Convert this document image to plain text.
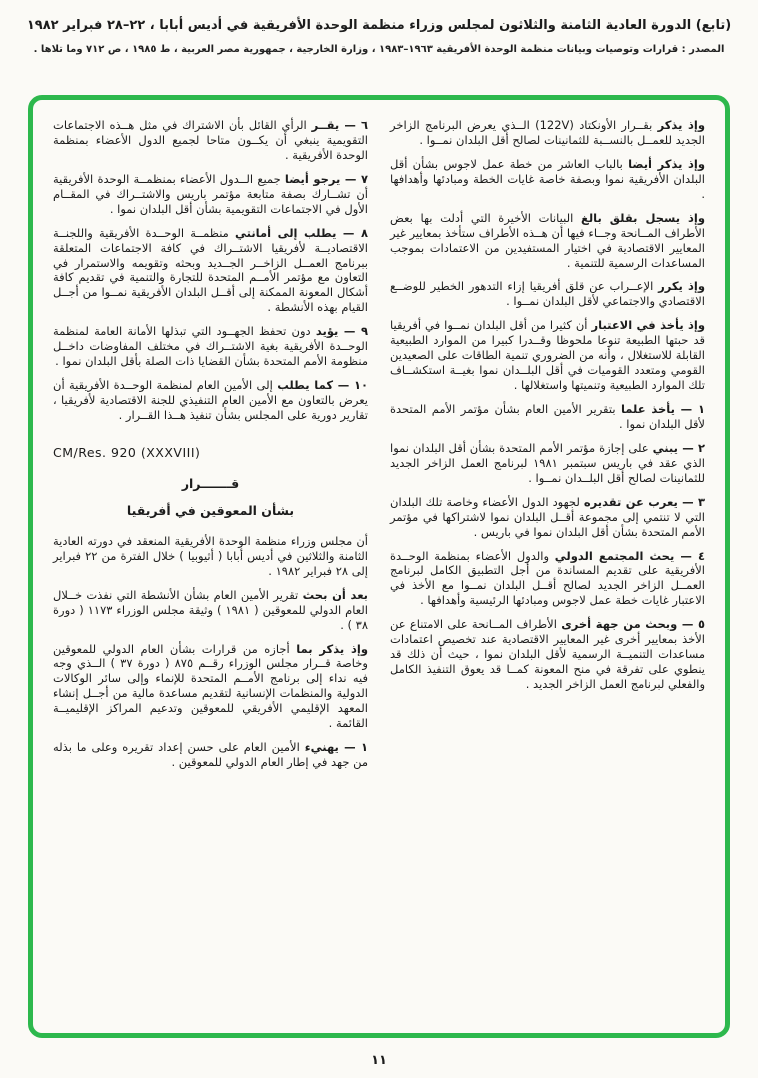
(تابع) الدورة العادية الثامنة والثلاثون لمجلس وزراء منظمة الوحدة الأفريقية في أديس أبابا ، ٢٢–٢٨ فبراير ١٩٨٢
المصدر : قرارات وتوصيات وبيانات منظمة الوحدة الأفريقية ١٩٦٣–١٩٨٣ ، وزارة الخارجية ، جمهورية مصر العربية ، ط ١٩٨٥ ، ص ٧١٢ وما تلاها .

وإذ يذكر بقــرار الأونكتاد (122V) الــذي يعرض البرنامج الزاخر الجديد للعمــل بالنســبة للثمانينات لصالح أقل البلدان نمــوا .

وإذ يذكر أيضا بالباب العاشر من خطة عمل لاجوس بشأن أقل البلدان الأفريقية نموا وبصفة خاصة غايات الخطة ومبادئها وأهدافها .

وإذ يسجل بقلق بالغ البيانات الأخيرة التي أدلت بها بعض الأطراف المــانحة وجــاء فيها أن هــذه الأطراف ستأخذ بمعايير غير المعايير الاقتصادية في اختيار المستفيدين من الاعتمادات بموجب المساعدات الرسمية للتنمية .

وإذ يكرر الإعــراب عن قلق أفريقيا إزاء التدهور الخطير للوضــع الاقتصادي والاجتماعي لأقل البلدان نمــوا .

وإذ يأخذ في الاعتبار أن كثيرا من أقل البلدان نمــوا في أفريقيا قد حبتها الطبيعة تنوعا ملحوظا وقــدرا كبيرا من الموارد الطبيعية القابلة للاستغلال ، وأنه من الضروري تنمية الطاقات على الصعيدين القومي ومتعدد القوميات في أقل البلــدان نموا بغيــة استكشــاف تلك الموارد الطبيعية وتنميتها واستغلالها .

١ — يأخذ علما بتقرير الأمين العام بشأن مؤتمر الأمم المتحدة لأقل البلدان نموا .

٢ — يبني على إجازة مؤتمر الأمم المتحدة بشأن أقل البلدان نموا الذي عقد في باريس سبتمبر ١٩٨١ لبرنامج العمل الزاخر الجديد للثمانينات لصالح أقل البلــدان نمــوا .

٣ — يعرب عن تقديره لجهود الدول الأعضاء وخاصة تلك البلدان التي لا تنتمي إلى مجموعة أقــل البلدان نموا لاشتراكها في مؤتمر الأمم المتحدة بشأن أقل البلدان نموا في باريس .

٤ — يحث المجتمع الدولي والدول الأعضاء بمنظمة الوحــدة الأفريقية على تقديم المساندة من أجل التطبيق الكامل لبرنامج العمــل الزاخر الجديد لصالح أقــل البلدان نمــوا مع الأخذ في الاعتبار غايات خطة عمل لاجوس ومبادئها الرئيسية وأهدافها .

٥ — وبحث من جهة أخرى الأطراف المــانحة على الامتناع عن الأخذ بمعايير أخرى غير المعايير الاقتصادية عند تخصيص اعتمادات مساعدات التنميــة الرسمية لأقل البلدان نموا ، حيث أن ذلك قد ينطوي على تفرقة في منح المعونة كمــا قد يعوق التنفيذ الكامل والفعلي لبرنامج العمل الزاخر الجديد .

٦ — يقــر الرأي القائل بأن الاشتراك في مثل هــذه الاجتماعات التقويمية ينبغي أن يكــون متاحا لجميع الدول الأعضاء بمنظمة الوحدة الأفريقية .

٧ — يرجو أيضا جميع الــدول الأعضاء بمنظمــة الوحدة الأفريقية أن تشــارك بصفة متابعة مؤتمر باريس والاشتــراك في المقــام الأول في الاجتماعات التقويمية بشأن أقل البلدان نموا .

٨ — يطلب إلى أمانتي منظمــة الوحــدة الأفريقية واللجنــة الاقتصاديــة لأفريقيا الاشتــراك في كافة الاجتماعات المتعلقة ببرنامج العمــل الزاخــر الجــديد وبحثه وتقويمه والاستمرار في التعاون مع مؤتمر الأمــم المتحدة للتجارة والتنمية في تقديم كافة أشكال المعونة الممكنة إلى أقــل البلدان الأفريقية نمــوا من أجــل القيام بهذه الأنشطة .

٩ — يؤيد دون تحفظ الجهــود التي تبذلها الأمانة العامة لمنظمة الوحــدة الأفريقية بغية الاشتــراك في مختلف المفاوضات داخــل منظومة الأمم المتحدة بشأن القضايا ذات الصلة بأقل البلدان نموا .

١٠ — كما يطلب إلى الأمين العام لمنظمة الوحــدة الأفريقية أن يعرض بالتعاون مع الأمين العام التنفيذي للجنة الاقتصادية لأفريقيا ، تقارير دورية على المجلس بشأن تنفيذ هــذا القــرار .

CM/Res. 920 (XXXVIII)

قـــــــرار

بشأن المعوقين في أفريقيا

أن مجلس وزراء منظمة الوحدة الأفريقية المنعقد في دورته العادية الثامنة والثلاثين في أديس أبابا ( أثيوبيا ) خلال الفترة من ٢٢ فبراير إلى ٢٨ فبراير ١٩٨٢ .

بعد أن بحث تقرير الأمين العام بشأن الأنشطة التي نفذت خــلال العام الدولي للمعوقين ( ١٩٨١ ) وثيقة مجلس الوزراء ١١٧٣ ( دورة ٣٨ ) .

وإذ يذكر بما أجازه من قرارات بشأن العام الدولي للمعوقين وخاصة قــرار مجلس الوزراء رقــم ٨٧٥ ( دورة ٣٧ ) الــذي وجه فيه نداء إلى برنامج الأمــم المتحدة للإنماء وإلى سائر الوكالات الدولية والمنظمات الإنسانية لتقديم مساعدة مالية من أجــل إنشاء المعهد الإقليمي الأفريقي للمعوقين وتدعيم المراكز الإقليميــة القائمة .

١ — يهنيء الأمين العام على حسن إعداد تقريره وعلى ما بذله من جهد في إطار العام الدولي للمعوقين .

١١
